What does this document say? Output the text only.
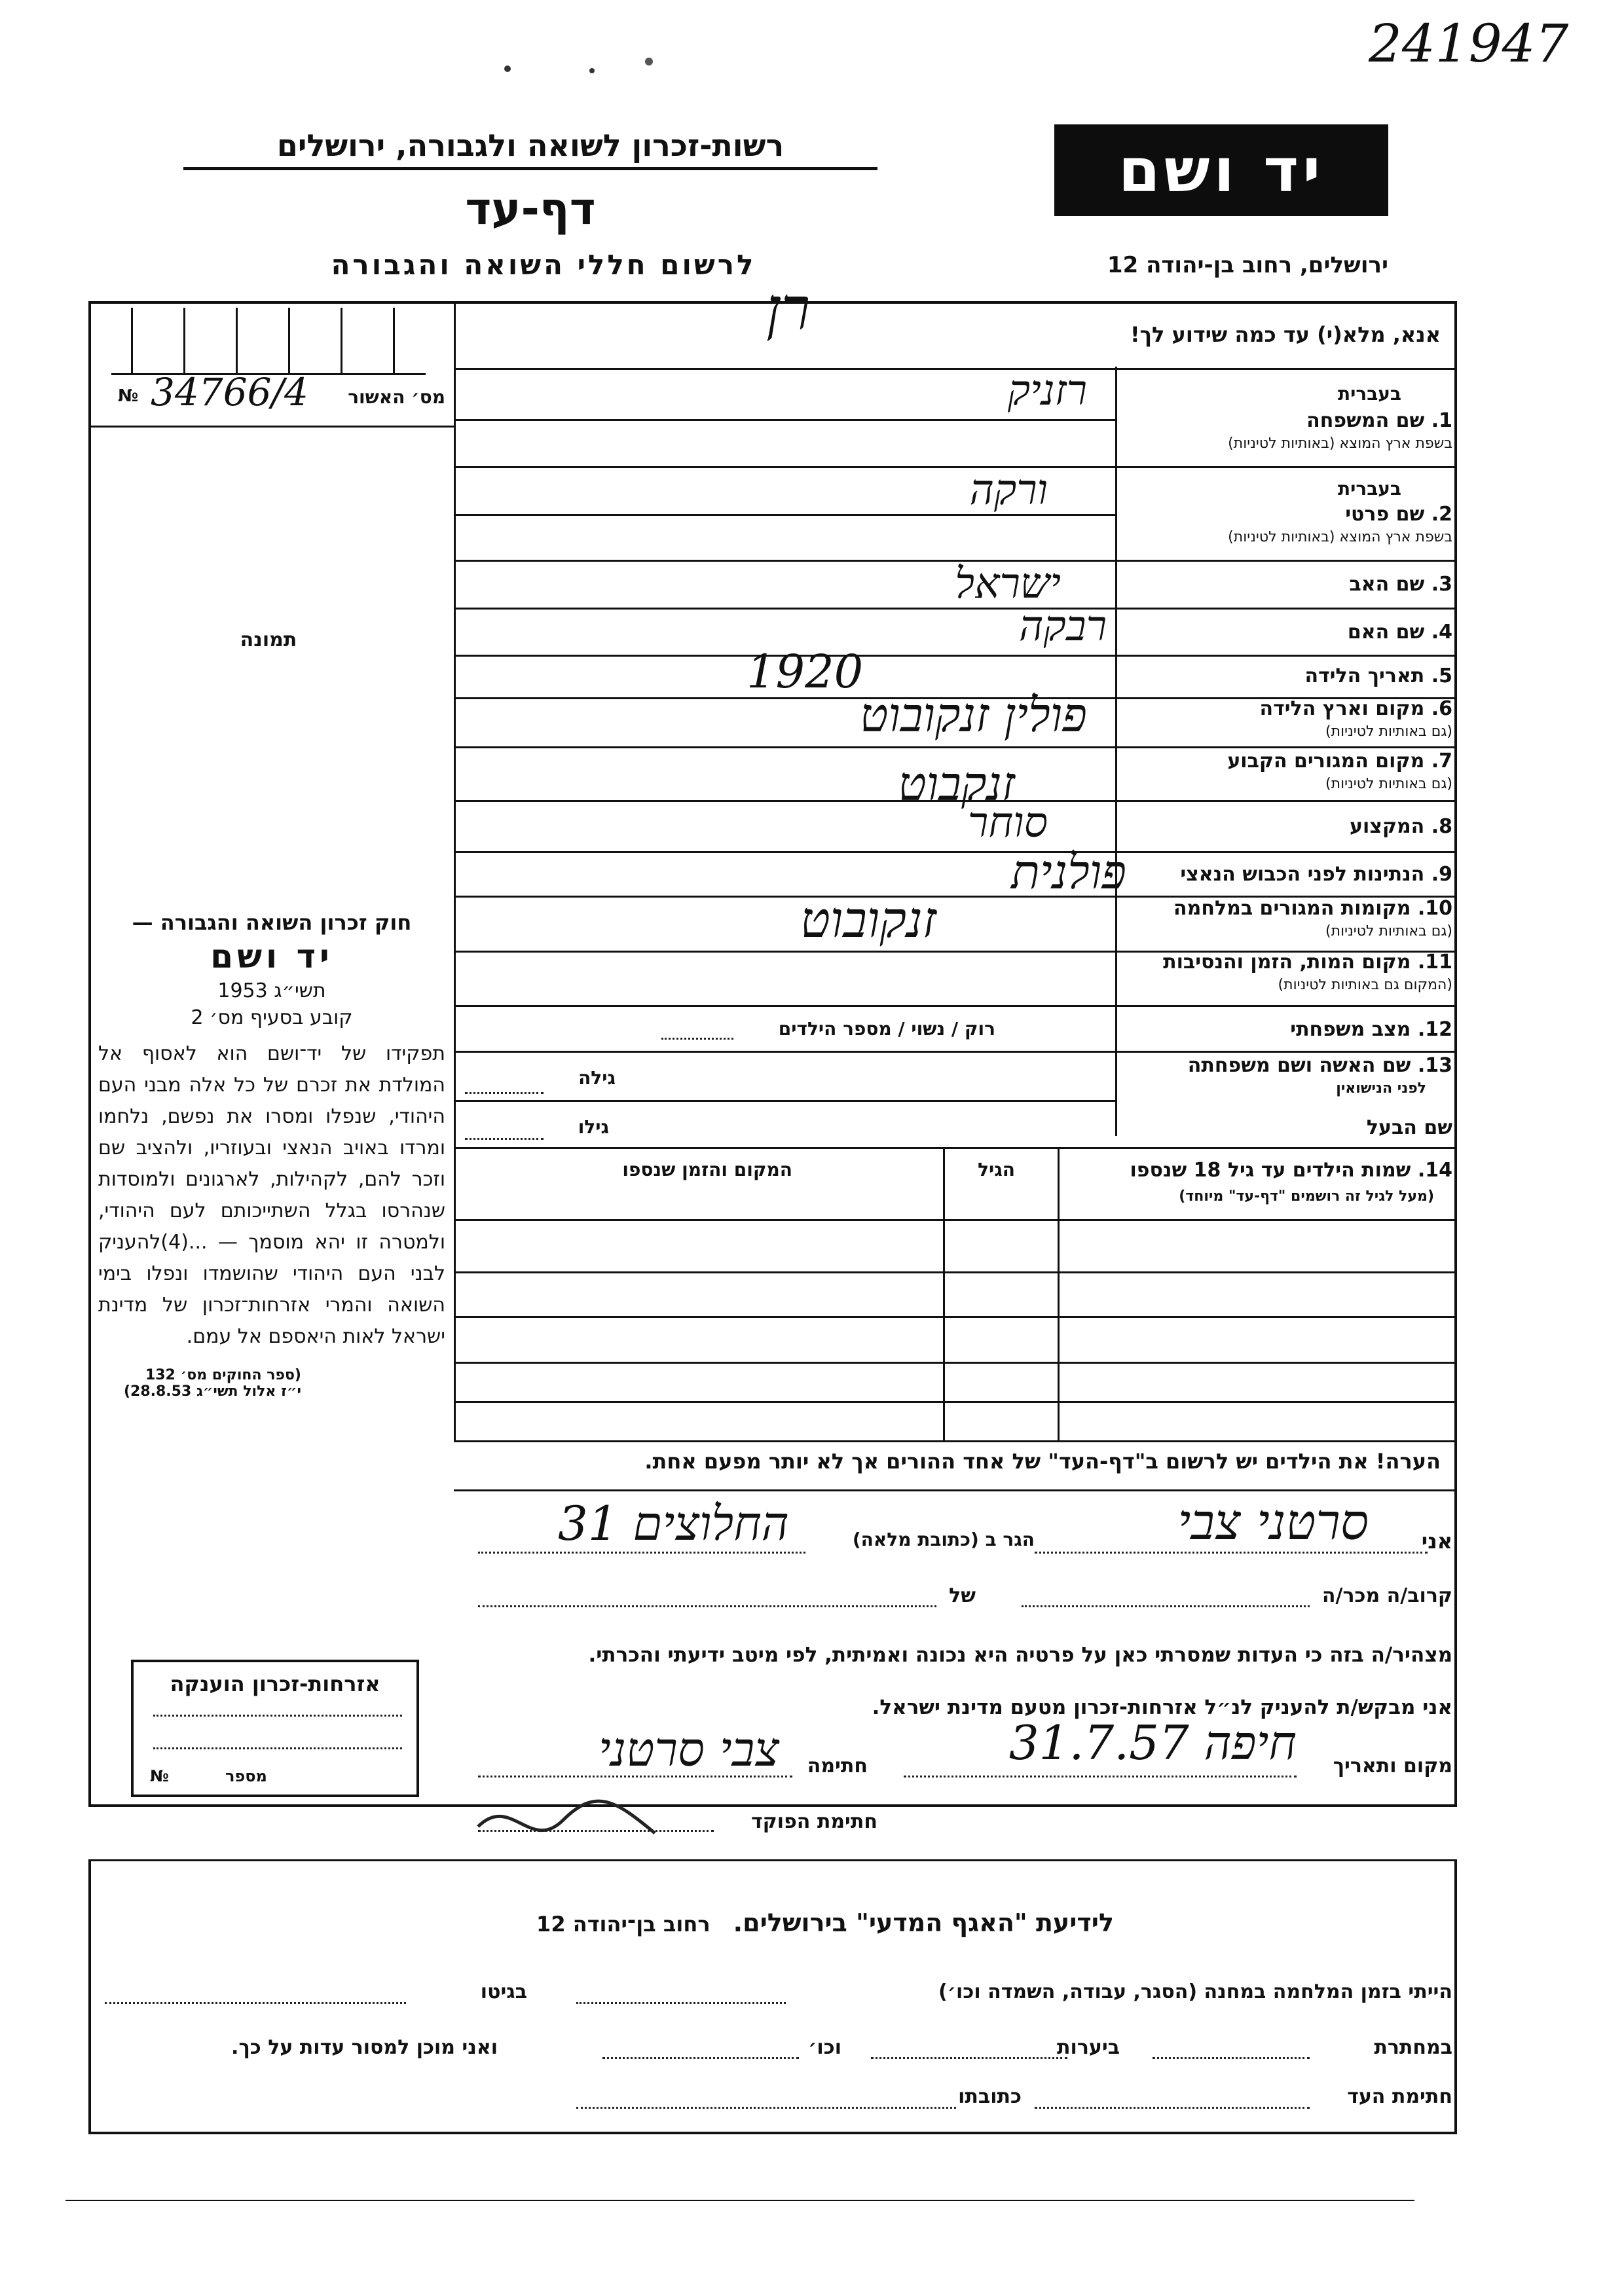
241947
רשות-זכרון לשואה ולגבורה, ירושלים
דף-עד
לרשום חללי השואה והגבורה
יד ושם
ירושלים, רחוב בן-יהודה 12
רן	אנא, מלא(י) עד כמה שידוע לך!
№ 34766/4	מס׳ האשור
תמונה
בעברית
1. שם המשפחה
בשפת ארץ המוצא (באותיות לטיניות)
רזניק
בעברית
2. שם פרטי
בשפת ארץ המוצא (באותיות לטיניות)
ורקה
3. שם האב
ישראל
4. שם האם
רבקה
5. תאריך הלידה
1920
6. מקום וארץ הלידה
(גם באותיות לטיניות)
פולין זנקובוט
7. מקום המגורים הקבוע
(גם באותיות לטיניות)
זנקבוט
8. המקצוע
סוחר
9. הנתינות לפני הכבוש הנאצי
פולנית
10. מקומות המגורים במלחמה
(גם באותיות לטיניות)
זנקובוט
11. מקום המות, הזמן והנסיבות
(המקום גם באותיות לטיניות)
12. מצב משפחתי
רוק / נשוי / מספר הילדים
13. שם האשה ושם משפחתה
לפני הנישואין
גילה
שם הבעל
גילו
14. שמות הילדים עד גיל 18 שנספו
(מעל לגיל זה רושמים "דף-עד" מיוחד)
הגיל
המקום והזמן שנספו
חוק זכרון השואה והגבורה —
יד ושם
תשי״ג 1953
קובע בסעיף מס׳ 2
תפקידו של יד־ושם הוא לאסוף אל המולדת את זכרם של כל אלה מבני העם היהודי, שנפלו ומסרו את נפשם, נלחמו ומרדו באויב הנאצי ובעוזריו, ולהציב שם וזכר להם, לקהילות, לארגונים ולמוסדות שנהרסו בגלל השתייכותם לעם היהודי, ולמטרה זו יהא מוסמך — ...(4)להעניק לבני העם היהודי שהושמדו ונפלו בימי השואה והמרי אזרחות־זכרון של מדינת ישראל לאות היאספם אל עמם.
(ספר החוקים מס׳ 132
י״ז אלול תשי״ג 28.8.53)
אזרחות-זכרון הוענקה
№	מספר
הערה! את הילדים יש לרשום ב"דף-העד" של אחד ההורים אך לא יותר מפעם אחת.
אני
סרטני צבי
הגר ב (כתובת מלאה)
החלוצים 31
קרוב/ה מכר/ה
של
מצהיר/ה בזה כי העדות שמסרתי כאן על פרטיה היא נכונה ואמיתית, לפי מיטב ידיעתי והכרתי.
אני מבקש/ת להעניק לנ״ל אזרחות-זכרון מטעם מדינת ישראל.
מקום ותאריך
חיפה 31.7.57
חתימה
צבי סרטני
חתימת הפוקד
לידיעת "האגף המדעי" בירושלים. רחוב בן־יהודה 12
הייתי בזמן המלחמה במחנה (הסגר, עבודה, השמדה וכו׳)
בגיטו
במחתרת
ביערות
וכו׳
ואני מוכן למסור עדות על כך.
חתימת העד
כתובתו
